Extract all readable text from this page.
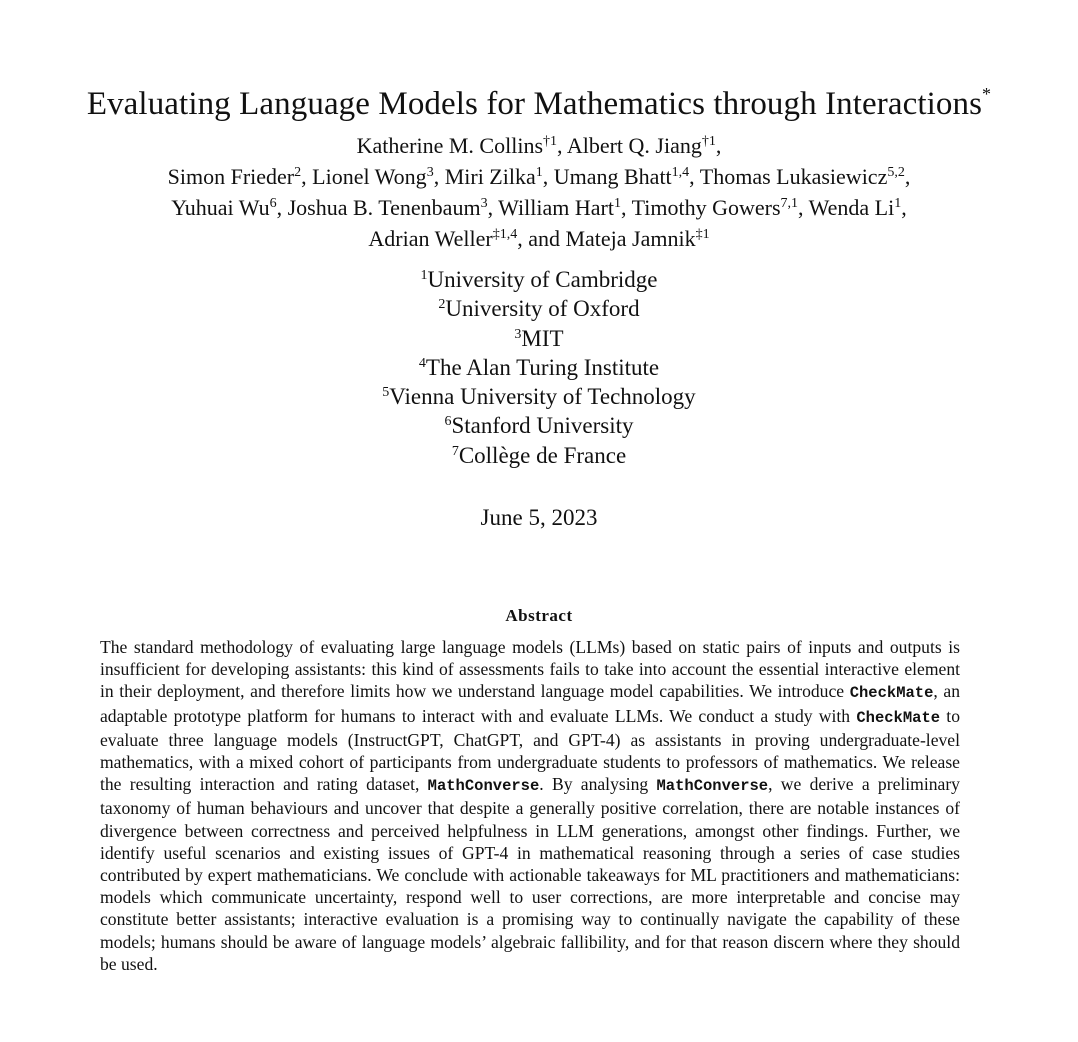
Evaluating Language Models for Mathematics through Interactions*
Katherine M. Collins$^{\dagger 1}$, Albert Q. Jiang$^{\dagger 1}$,
Simon Frieder$^2$, Lionel Wong$^3$, Miri Zilka$^1$, Umang Bhatt$^{1,4}$, Thomas Lukasiewicz$^{5,2}$,
Yuhuai Wu$^6$, Joshua B. Tenenbaum$^3$, William Hart$^1$, Timothy Gowers$^{7,1}$, Wenda Li$^1$,
Adrian Weller$^{\ddagger 1,4}$, and Mateja Jamnik$^{\ddagger 1}$
$^1$University of Cambridge
$^2$University of Oxford
$^3$MIT
$^4$The Alan Turing Institute
$^5$Vienna University of Technology
$^6$Stanford University
$^7$Collège de France
June 5, 2023
Abstract

The standard methodology of evaluating large language models (LLMs) based on static pairs of inputs and outputs is insufficient for developing assistants: this kind of assessments fails to take into account the essential interactive element in their deployment, and therefore limits how we understand language model capabilities. We introduce CheckMate, an adaptable prototype platform for humans to interact with and evaluate LLMs. We conduct a study with CheckMate to evaluate three language models (InstructGPT, ChatGPT, and GPT-4) as assistants in proving undergraduate-level mathematics, with a mixed cohort of participants from undergraduate students to professors of mathematics. We release the resulting interaction and rating dataset, MathConverse. By analysing MathConverse, we derive a preliminary taxonomy of human behaviours and uncover that despite a generally positive correlation, there are notable instances of divergence between correctness and perceived helpfulness in LLM generations, amongst other findings. Further, we identify useful scenarios and existing issues of GPT-4 in mathematical reasoning through a series of case studies contributed by expert mathematicians. We conclude with actionable takeaways for ML practitioners and mathematicians: models which communicate uncertainty, respond well to user corrections, are more interpretable and concise may constitute better assistants; interactive evaluation is a promising way to continually navigate the capability of these models; humans should be aware of language models’ algebraic fallibility, and for that reason discern where they should be used.
